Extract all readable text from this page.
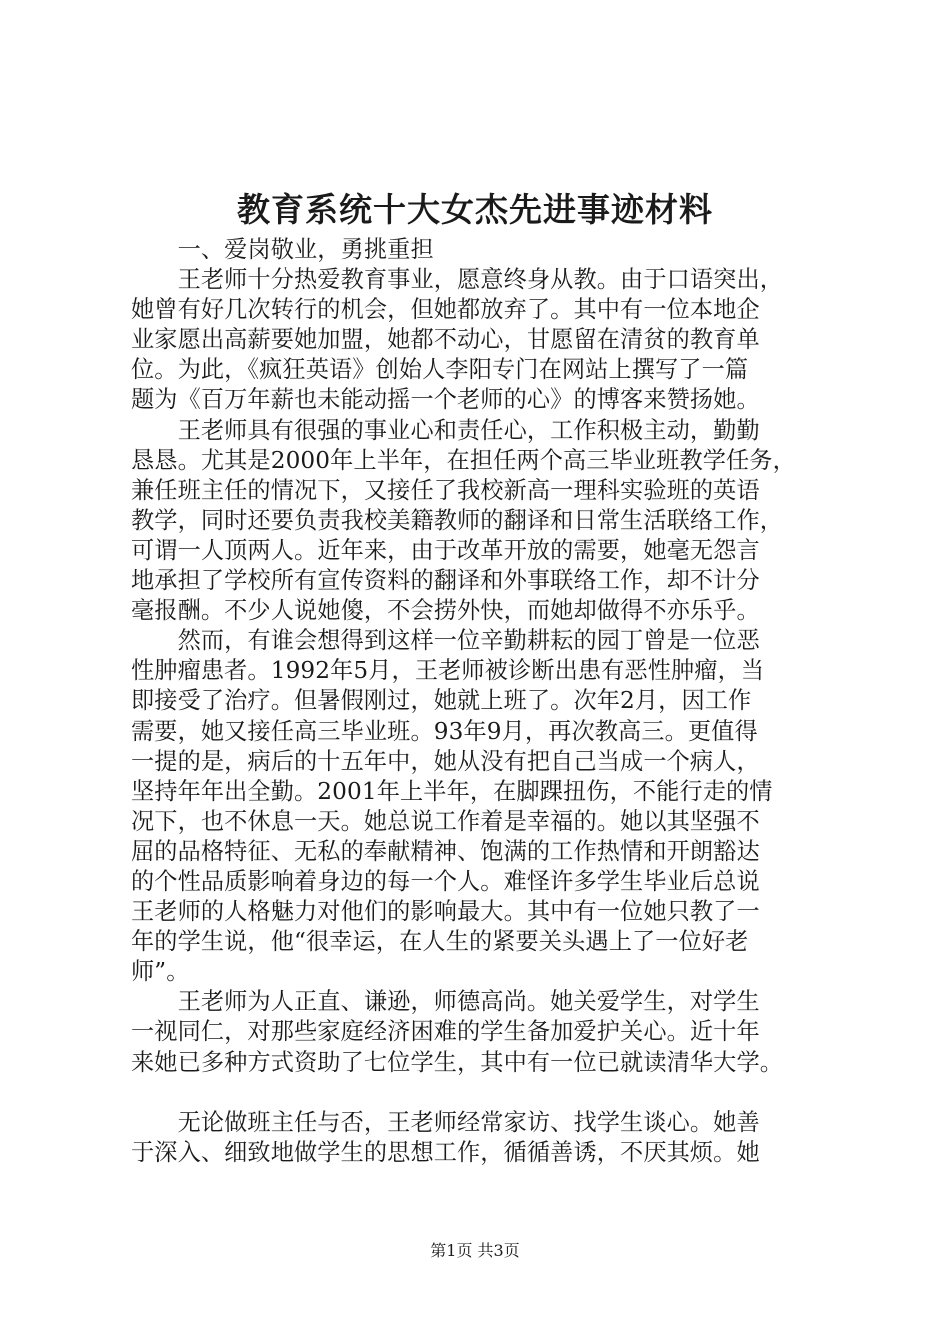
教育系统十大女杰先进事迹材料
　　一、爱岗敬业，勇挑重担
　　王老师十分热爱教育事业，愿意终身从教。由于口语突出，
她曾有好几次转行的机会，但她都放弃了。其中有一位本地企
业家愿出高薪要她加盟，她都不动心，甘愿留在清贫的教育单
位。为此，《疯狂英语》创始人李阳专门在网站上撰写了一篇
题为《百万年薪也未能动摇一个老师的心》的博客来赞扬她。
　　王老师具有很强的事业心和责任心，工作积极主动，勤勤
恳恳。尤其是2000年上半年，在担任两个高三毕业班教学任务，
兼任班主任的情况下，又接任了我校新高一理科实验班的英语
教学，同时还要负责我校美籍教师的翻译和日常生活联络工作，
可谓一人顶两人。近年来，由于改革开放的需要，她毫无怨言
地承担了学校所有宣传资料的翻译和外事联络工作，却不计分
毫报酬。不少人说她傻，不会捞外快，而她却做得不亦乐乎。
　　然而，有谁会想得到这样一位辛勤耕耘的园丁曾是一位恶
性肿瘤患者。1992年5月，王老师被诊断出患有恶性肿瘤，当
即接受了治疗。但暑假刚过，她就上班了。次年2月，因工作
需要，她又接任高三毕业班。93年9月，再次教高三。更值得
一提的是，病后的十五年中，她从没有把自己当成一个病人，
坚持年年出全勤。2001年上半年，在脚踝扭伤，不能行走的情
况下，也不休息一天。她总说工作着是幸福的。她以其坚强不
屈的品格特征、无私的奉献精神、饱满的工作热情和开朗豁达
的个性品质影响着身边的每一个人。难怪许多学生毕业后总说
王老师的人格魅力对他们的影响最大。其中有一位她只教了一
年的学生说，他“很幸运，在人生的紧要关头遇上了一位好老
师”。
　　王老师为人正直、谦逊，师德高尚。她关爱学生，对学生
一视同仁，对那些家庭经济困难的学生备加爱护关心。近十年
来她已多种方式资助了七位学生，其中有一位已就读清华大学。
　　无论做班主任与否，王老师经常家访、找学生谈心。她善
于深入、细致地做学生的思想工作，循循善诱，不厌其烦。她
第1页 共3页
